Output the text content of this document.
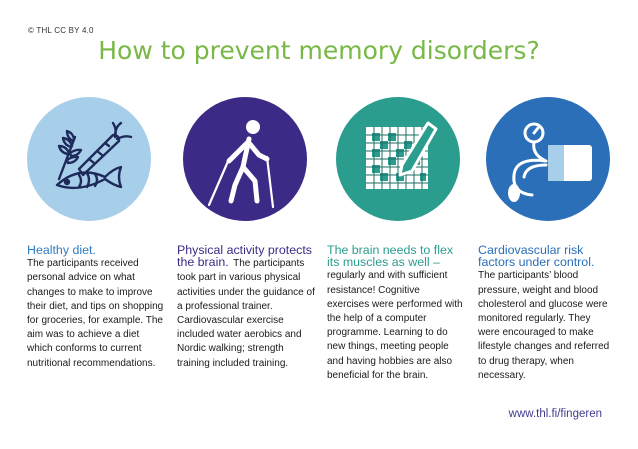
© THL CC BY 4.0
How to prevent memory disorders?

Healthy diet.
The participants received personal advice on what changes to make to improve their diet, and tips on shopping for groceries, for example. The aim was to achieve a diet which conforms to current nutritional recommendations.

Physical activity protects the brain. The participants took part in various physical activities under the guidance of a professional trainer. Cardiovascular exercise included water aerobics and Nordic walking; strength training included training.

The brain needs to flex its muscles as well – regularly and with sufficient resistance! Cognitive exercises were performed with the help of a computer programme. Learning to do new things, meeting people and having hobbies are also beneficial for the brain.

Cardiovascular risk factors under control. The participants’ blood pressure, weight and blood cholesterol and glucose were monitored regularly. They were encouraged to make lifestyle changes and referred to drug therapy, when necessary.

www.thl.fi/fingeren
